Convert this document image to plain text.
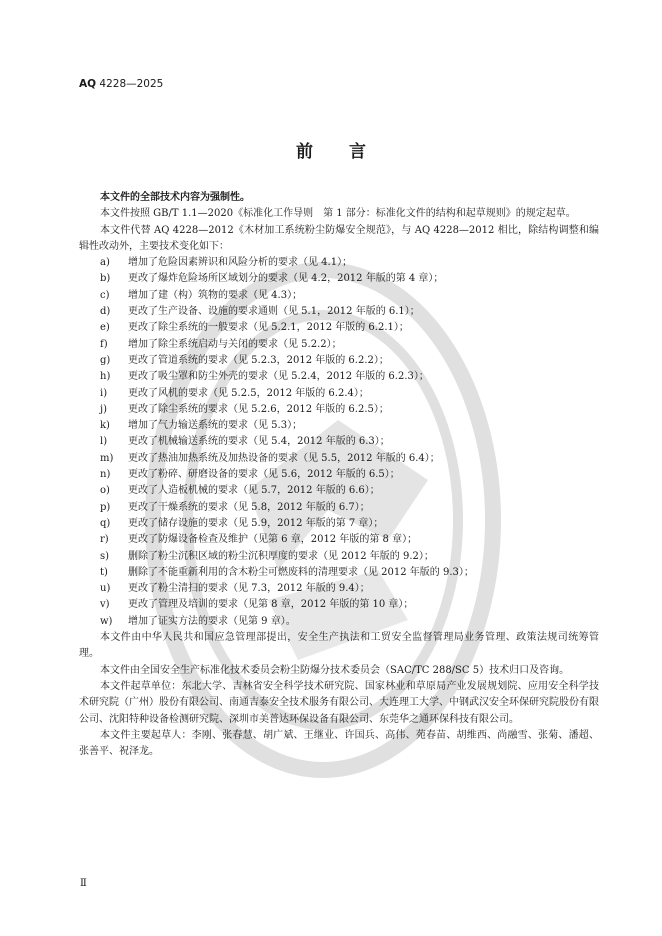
AQ 4228—2025
前 言

本文件的全部技术内容为强制性。

本文件按照 GB/T 1.1—2020《标准化工作导则　第 1 部分：标准化文件的结构和起草规则》的规定起草。

本文件代替 AQ 4228—2012《木材加工系统粉尘防爆安全规范》，与 AQ 4228—2012 相比，除结构调整和编辑性改动外，主要技术变化如下：

a)	增加了危险因素辨识和风险分析的要求（见 4.1）；
b)	更改了爆炸危险场所区域划分的要求（见 4.2，2012 年版的第 4 章）；
c)	增加了建（构）筑物的要求（见 4.3）；
d)	更改了生产设备、设施的要求通则（见 5.1，2012 年版的 6.1）；
e)	更改了除尘系统的一般要求（见 5.2.1，2012 年版的 6.2.1）；
f)	增加了除尘系统启动与关闭的要求（见 5.2.2）；
g)	更改了管道系统的要求（见 5.2.3，2012 年版的 6.2.2）；
h)	更改了吸尘罩和防尘外壳的要求（见 5.2.4，2012 年版的 6.2.3）；
i)	更改了风机的要求（见 5.2.5，2012 年版的 6.2.4）；
j)	更改了除尘系统的要求（见 5.2.6，2012 年版的 6.2.5）；
k)	增加了气力输送系统的要求（见 5.3）；
l)	更改了机械输送系统的要求（见 5.4，2012 年版的 6.3）；
m)	更改了热油加热系统及加热设备的要求（见 5.5，2012 年版的 6.4）；
n)	更改了粉碎、研磨设备的要求（见 5.6，2012 年版的 6.5）；
o)	更改了人造板机械的要求（见 5.7，2012 年版的 6.6）；
p)	更改了干燥系统的要求（见 5.8，2012 年版的 6.7）；
q)	更改了储存设施的要求（见 5.9，2012 年版的第 7 章）；
r)	更改了防爆设备检查及维护（见第 6 章，2012 年版的第 8 章）；
s)	删除了粉尘沉积区域的粉尘沉积厚度的要求（见 2012 年版的 9.2）；
t)	删除了不能重新利用的含木粉尘可燃废料的清理要求（见 2012 年版的 9.3）；
u)	更改了粉尘清扫的要求（见 7.3，2012 年版的 9.4）；
v)	更改了管理及培训的要求（见第 8 章，2012 年版的第 10 章）；
w)	增加了证实方法的要求（见第 9 章）。

本文件由中华人民共和国应急管理部提出，安全生产执法和工贸安全监督管理局业务管理、政策法规司统筹管理。

本文件由全国安全生产标准化技术委员会粉尘防爆分技术委员会（SAC/TC 288/SC 5）技术归口及咨询。

本文件起草单位：东北大学、吉林省安全科学技术研究院、国家林业和草原局产业发展规划院、应用安全科学技术研究院（广州）股份有限公司、南通吉泰安全技术服务有限公司、大连理工大学、中钢武汉安全环保研究院股份有限公司、沈阳特种设备检测研究院、深圳市美普达环保设备有限公司、东莞华之通环保科技有限公司。

本文件主要起草人：李刚、张春慧、胡广斌、王继业、许国兵、高伟、苑春苗、胡维西、尚融雪、张菊、潘超、张善平、祝泽龙。

Ⅱ
